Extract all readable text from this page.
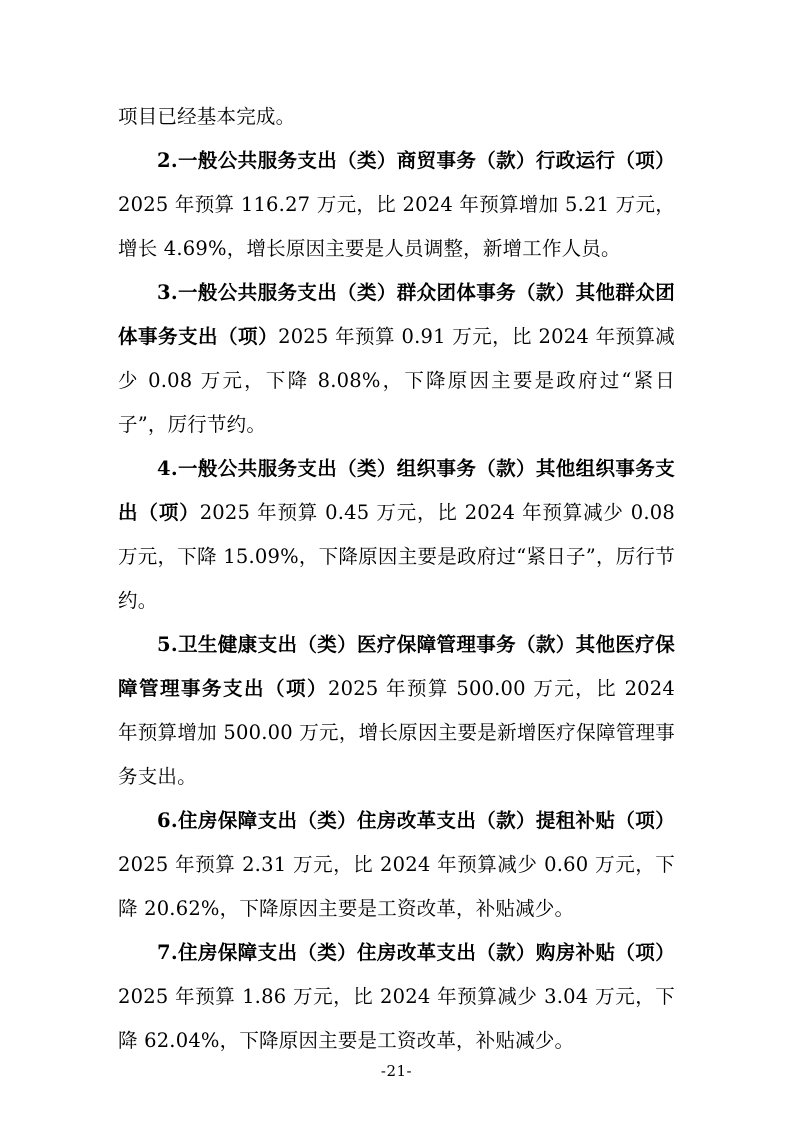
项目已经基本完成。

2.一般公共服务支出（类）商贸事务（款）行政运行（项）2025 年预算 116.27 万元，比 2024 年预算增加 5.21 万元，增长 4.69%，增长原因主要是人员调整，新增工作人员。

3.一般公共服务支出（类）群众团体事务（款）其他群众团体事务支出（项）2025 年预算 0.91 万元，比 2024 年预算减少 0.08 万元，下降 8.08%，下降原因主要是政府过“紧日子”，厉行节约。

4.一般公共服务支出（类）组织事务（款）其他组织事务支出（项）2025 年预算 0.45 万元，比 2024 年预算减少 0.08 万元，下降 15.09%，下降原因主要是政府过“紧日子”，厉行节约。

5.卫生健康支出（类）医疗保障管理事务（款）其他医疗保障管理事务支出（项）2025 年预算 500.00 万元，比 2024 年预算增加 500.00 万元，增长原因主要是新增医疗保障管理事务支出。

6.住房保障支出（类）住房改革支出（款）提租补贴（项）2025 年预算 2.31 万元，比 2024 年预算减少 0.60 万元，下降 20.62%，下降原因主要是工资改革，补贴减少。

7.住房保障支出（类）住房改革支出（款）购房补贴（项）2025 年预算 1.86 万元，比 2024 年预算减少 3.04 万元，下降 62.04%，下降原因主要是工资改革，补贴减少。

-21-
